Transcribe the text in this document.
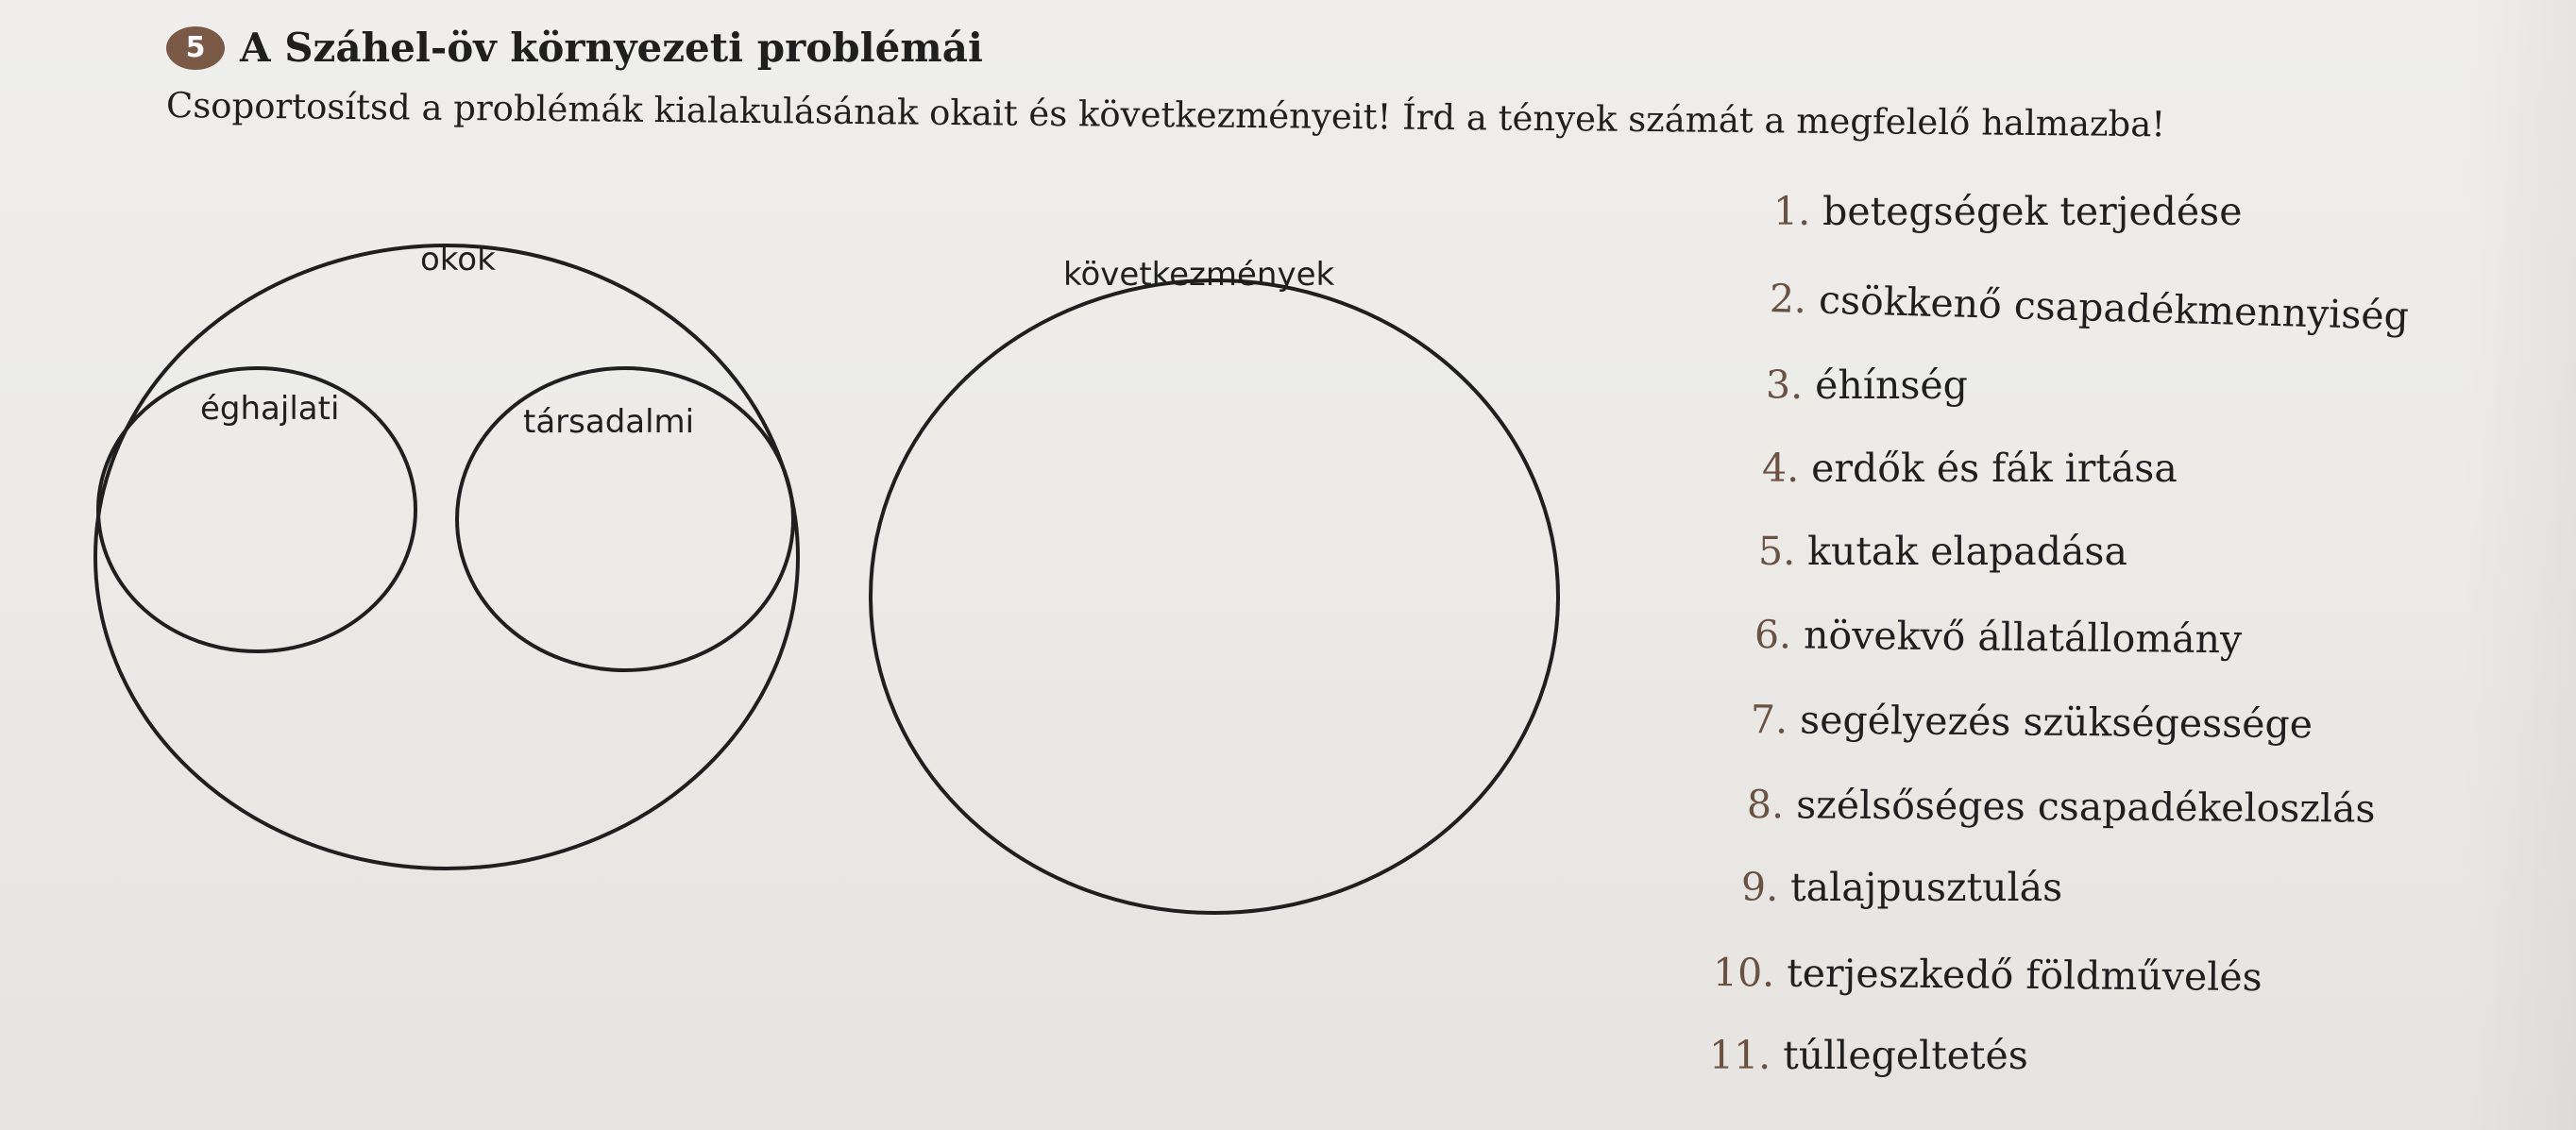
5 A Száhel-öv környezeti problémái
Csoportosítsd a problémák kialakulásának okait és következményeit! Írd a tények számát a megfelelő halmazba!
okok
éghajlati	társadalmi
következmények
1. betegségek terjedése
2. csökkenő csapadékmennyiség
3. éhínség
4. erdők és fák irtása
5. kutak elapadása
6. növekvő állatállomány
7. segélyezés szükségessége
8. szélsőséges csapadékeloszlás
9. talajpusztulás
10. terjeszkedő földművelés
11. túllegeltetés
